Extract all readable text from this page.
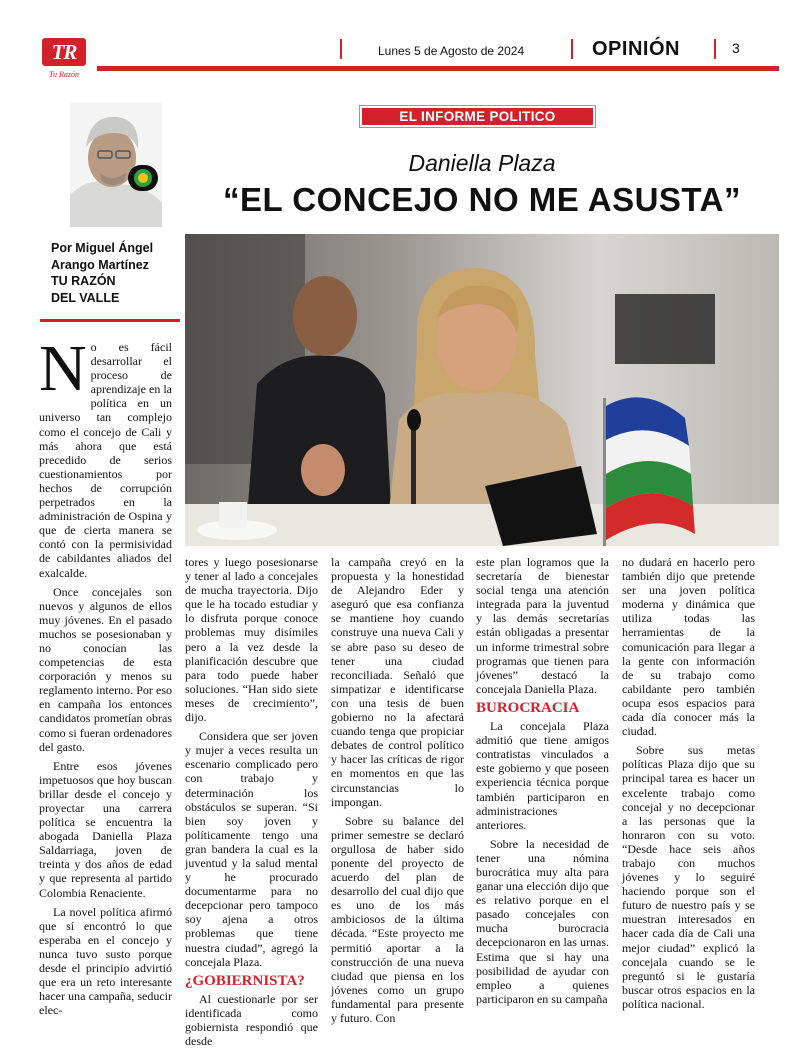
TR
Tu Razón
Lunes 5 de Agosto de 2024	OPINIÓN	3
Por Miguel Ángel
Arango Martínez
TU RAZÓN
DEL VALLE
EL INFORME POLITICO
Daniella Plaza
“EL CONCEJO NO ME ASUSTA”
N o es fácil desarrollar el proceso de aprendizaje en la política en un universo tan complejo como el concejo de Cali y más ahora que está precedido de serios cuestionamientos por hechos de corrupción perpetrados en la administración de Ospina y que de cierta manera se contó con la permisividad de cabildantes aliados del exalcalde.

Once concejales son nuevos y algunos de ellos muy jóvenes. En el pasado muchos se posesionaban y no conocían las competencias de esta corporación y menos su reglamento interno. Por eso en campaña los entonces candidatos prometían obras como si fueran ordenadores del gasto.

Entre esos jóvenes impetuosos que hoy buscan brillar desde el concejo y proyectar una carrera política se encuentra la abogada Daniella Plaza Saldarriaga, joven de treinta y dos años de edad y que representa al partido Colombia Renaciente.

La novel política afirmó que sí encontró lo que esperaba en el concejo y nunca tuvo susto porque desde el principio advirtió que era un reto interesante hacer una campaña, seducir elec-

tores y luego posesionarse y tener al lado a concejales de mucha trayectoria. Dijo que le ha tocado estudiar y lo disfruta porque conoce problemas muy disímiles pero a la vez desde la planificación descubre que para todo puede haber soluciones. “Han sido siete meses de crecimiento”, dijo.

Considera que ser joven y mujer a veces resulta un escenario complicado pero con trabajo y determinación los obstáculos se superan. “Si bien soy joven y políticamente tengo una gran bandera la cual es la juventud y la salud mental y he procurado documentarme para no decepcionar pero tampoco soy ajena a otros problemas que tiene nuestra ciudad”, agregó la concejala Plaza.

¿GOBIERNISTA?

Al cuestionarle por ser identificada como gobiernista respondió que desde

la campaña creyó en la propuesta y la honestidad de Alejandro Eder y aseguró que esa confianza se mantiene hoy cuando construye una nueva Cali y se abre paso su deseo de tener una ciudad reconciliada. Señaló que simpatizar e identificarse con una tesis de buen gobierno no la afectará cuando tenga que propiciar debates de control político y hacer las críticas de rigor en momentos en que las circunstancias lo impongan.

Sobre su balance del primer semestre se declaró orgullosa de haber sido ponente del proyecto de acuerdo del plan de desarrollo del cual dijo que es uno de los más ambiciosos de la última década. “Este proyecto me permitió aportar a la construcción de una nueva ciudad que piensa en los jóvenes como un grupo fundamental para presente y futuro. Con

este plan logramos que la secretaría de bienestar social tenga una atención integrada para la juventud y las demás secretarías están obligadas a presentar un informe trimestral sobre programas que tienen para jóvenes” destacó la concejala Daniella Plaza.

BUROCRACIA

La concejala Plaza admitió que tiene amigos contratistas vinculados a este gobierno y que poseen experiencia técnica porque también participaron en administraciones anteriores.

Sobre la necesidad de tener una nómina burocrática muy alta para ganar una elección dijo que es relativo porque en el pasado concejales con mucha burocracia decepcionaron en las urnas. Estima que si hay una posibilidad de ayudar con empleo a quienes participaron en su campaña

no dudará en hacerlo pero también dijo que pretende ser una joven política moderna y dinámica que utiliza todas las herramientas de la comunicación para llegar a la gente con información de su trabajo como cabildante pero también ocupa esos espacios para cada día conocer más la ciudad.

Sobre sus metas políticas Plaza dijo que su principal tarea es hacer un excelente trabajo como concejal y no decepcionar a las personas que la honraron con su voto. “Desde hace seis años trabajo con muchos jóvenes y lo seguiré haciendo porque son el futuro de nuestro país y se muestran interesados en hacer cada día de Cali una mejor ciudad” explicó la concejala cuando se le preguntó si le gustaría buscar otros espacios en la política nacional.
